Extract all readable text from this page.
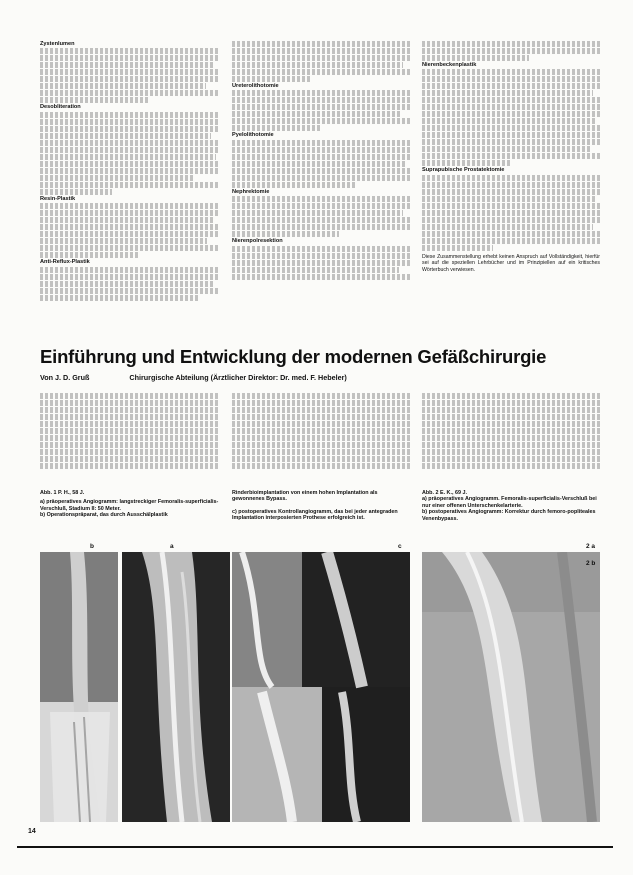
Zystenlumen
Desobliteration
Resin-Plastik
Anti-Reflux-Plastik
Ureterolithotomie
Pyelolithotomie
Nephrektomie
Nierenpolresektion
Nierenbeckenplastik
Suprapubische Prostatektomie

Diese Zusammenstellung erhebt keinen Anspruch auf Vollständigkeit, hierfür sei auf die speziellen Lehrbücher und im Prinzipiellen auf ein kritisches Wörterbuch verwiesen.

Einführung und Entwicklung der modernen Gefäßchirurgie
Von J. D. Gruß	Chirurgische Abteilung (Ärztlicher Direktor: Dr. med. F. Hebeler)
Abb. 1 P. H., 58 J.
a) präoperatives Angiogramm: langstreckiger Femoralis-superficialis-Verschluß, Stadium II: 50 Meter.
b) Operationspräparat, das durch Ausschälplastik
Rinderbioimplantation von einem hohen Implantation als gewonnenes Bypass.
c) postoperatives Kontrollangiogramm, das bei jeder antegraden Implantation interposierten Prothese erfolgreich ist.
Abb. 2 E. K., 69 J.
a) präoperatives Angiogramm. Femoralis-superficialis-Verschluß bei nur einer offenen Unterschenkelarterie.
b) postoperatives Angiogramm: Korrektur durch femoro-popliteales Venenbypass.
b	a	c	2 a
2 b
14
